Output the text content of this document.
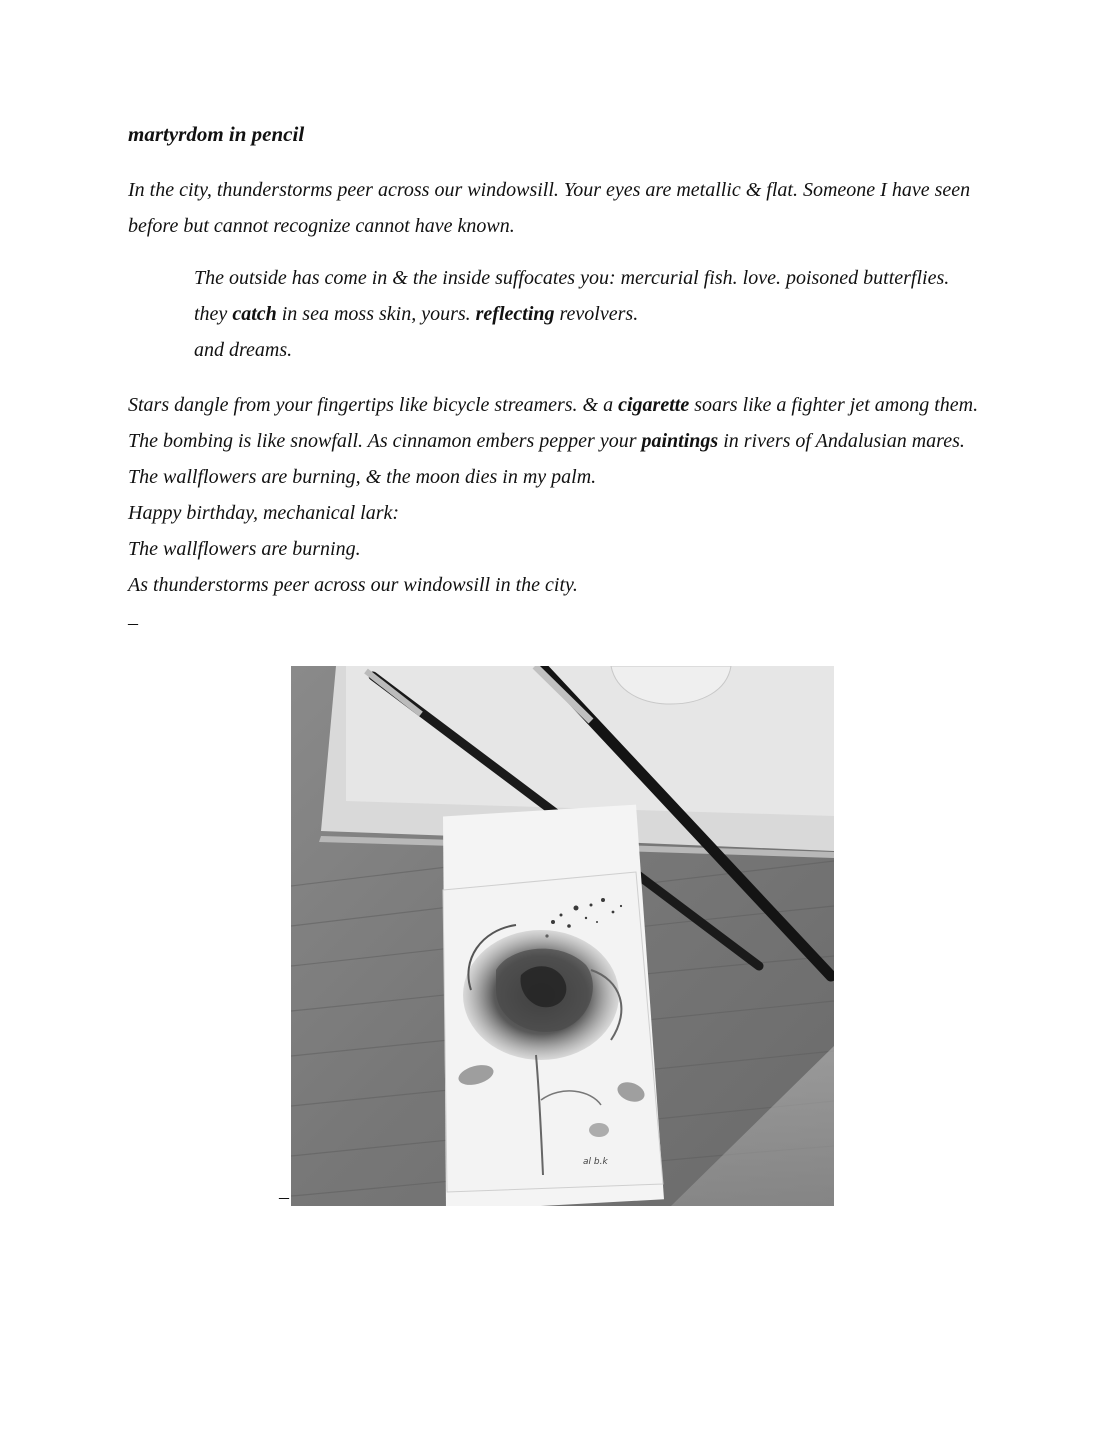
martyrdom in pencil
In the city, thunderstorms peer across our windowsill. Your eyes are metallic & flat. Someone I have seen before but cannot recognize cannot have known.
The outside has come in & the inside suffocates you: mercurial fish. love. poisoned butterflies. they catch in sea moss skin, yours. reflecting revolvers.
and dreams.
Stars dangle from your fingertips like bicycle streamers. & a cigarette soars like a fighter jet among them.
The bombing is like snowfall. As cinnamon embers pepper your paintings in rivers of Andalusian mares.
The wallflowers are burning, & the moon dies in my palm.
Happy birthday, mechanical lark:
The wallflowers are burning.
As thunderstorms peer across our windowsill in the city.
–
al b.k
–
